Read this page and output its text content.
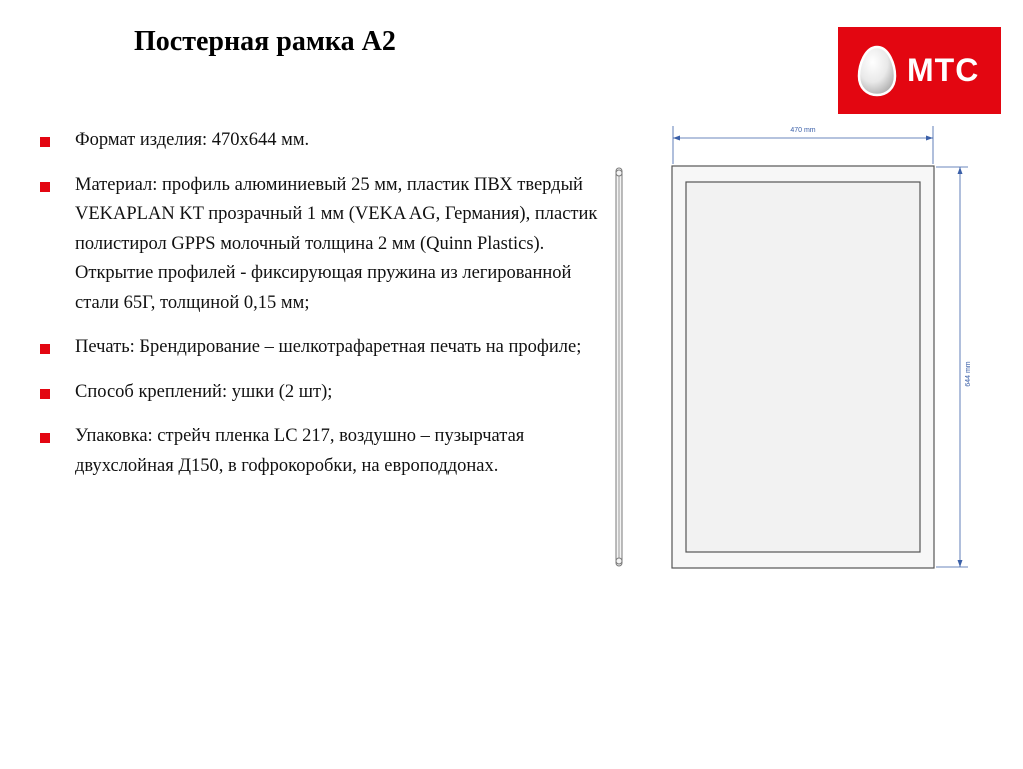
Постерная рамка А2
МТС
Формат изделия: 470х644 мм.
Материал: профиль алюминиевый 25 мм, пластик ПВХ твердый VEKAPLAN KT прозрачный 1 мм (VEKA AG, Германия), пластик полистирол GPPS молочный толщина 2 мм (Quinn Plastics). Открытие профилей - фиксирующая пружина из легированной стали 65Г, толщиной 0,15 мм;
Печать: Брендирование – шелкотрафаретная печать на профиле;
Способ креплений: ушки (2 шт);
Упаковка: стрейч пленка LC 217, воздушно – пузырчатая двухслойная Д150, в гофрокоробки, на европоддонах.
470 mm
644 mm
